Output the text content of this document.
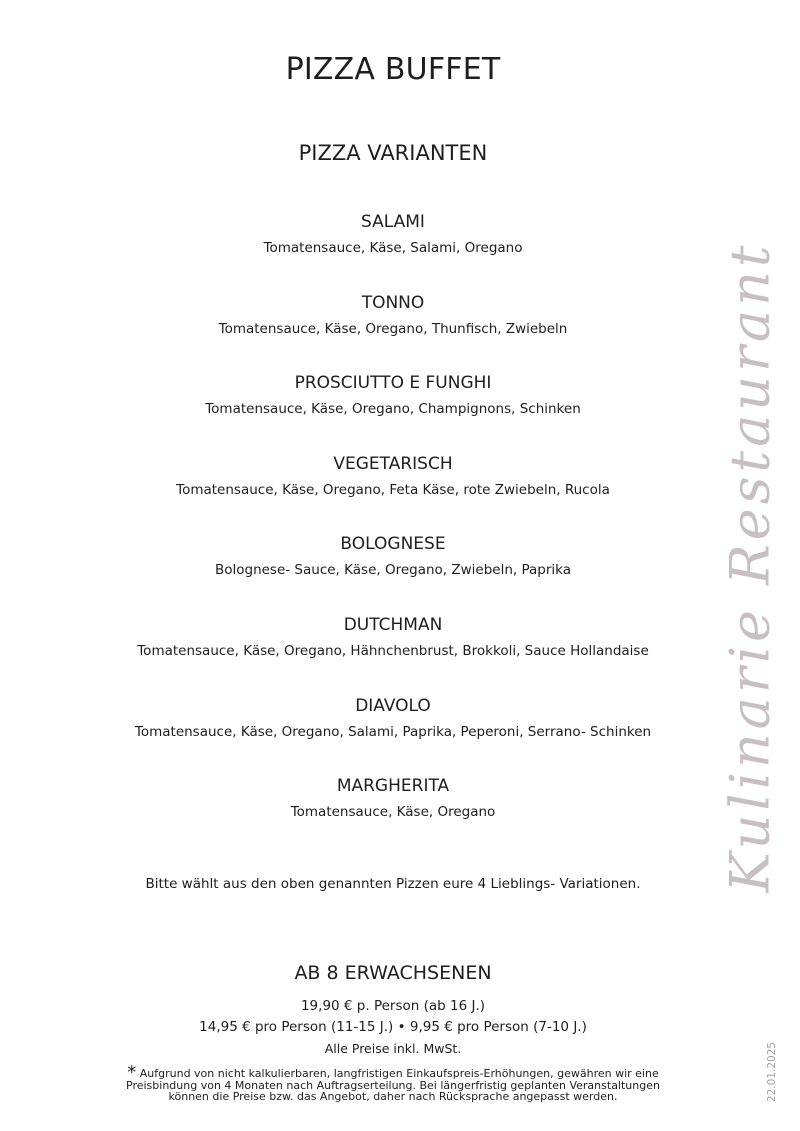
PIZZA BUFFET
PIZZA VARIANTEN
SALAMI
Tomatensauce, Käse, Salami, Oregano
TONNO
Tomatensauce, Käse, Oregano, Thunfisch, Zwiebeln
PROSCIUTTO E FUNGHI
Tomatensauce, Käse, Oregano, Champignons, Schinken
VEGETARISCH
Tomatensauce, Käse, Oregano, Feta Käse, rote Zwiebeln, Rucola
BOLOGNESE
Bolognese- Sauce, Käse, Oregano, Zwiebeln, Paprika
DUTCHMAN
Tomatensauce, Käse, Oregano, Hähnchenbrust, Brokkoli, Sauce Hollandaise
DIAVOLO
Tomatensauce, Käse, Oregano, Salami, Paprika, Peperoni, Serrano- Schinken
MARGHERITA
Tomatensauce, Käse, Oregano
Bitte wählt aus den oben genannten Pizzen eure 4 Lieblings- Variationen.
AB 8 ERWACHSENEN
19,90 € p. Person (ab 16 J.)
14,95 € pro Person (11-15 J.) • 9,95 € pro Person (7-10 J.)
Alle Preise inkl. MwSt.
* Aufgrund von nicht kalkulierbaren, langfristigen Einkaufspreis-Erhöhungen, gewähren wir eine Preisbindung von 4 Monaten nach Auftragserteilung. Bei längerfristig geplanten Veranstaltungen können die Preise bzw. das Angebot, daher nach Rücksprache angepasst werden.
Kulinarie Restaurant
22.01.2025
